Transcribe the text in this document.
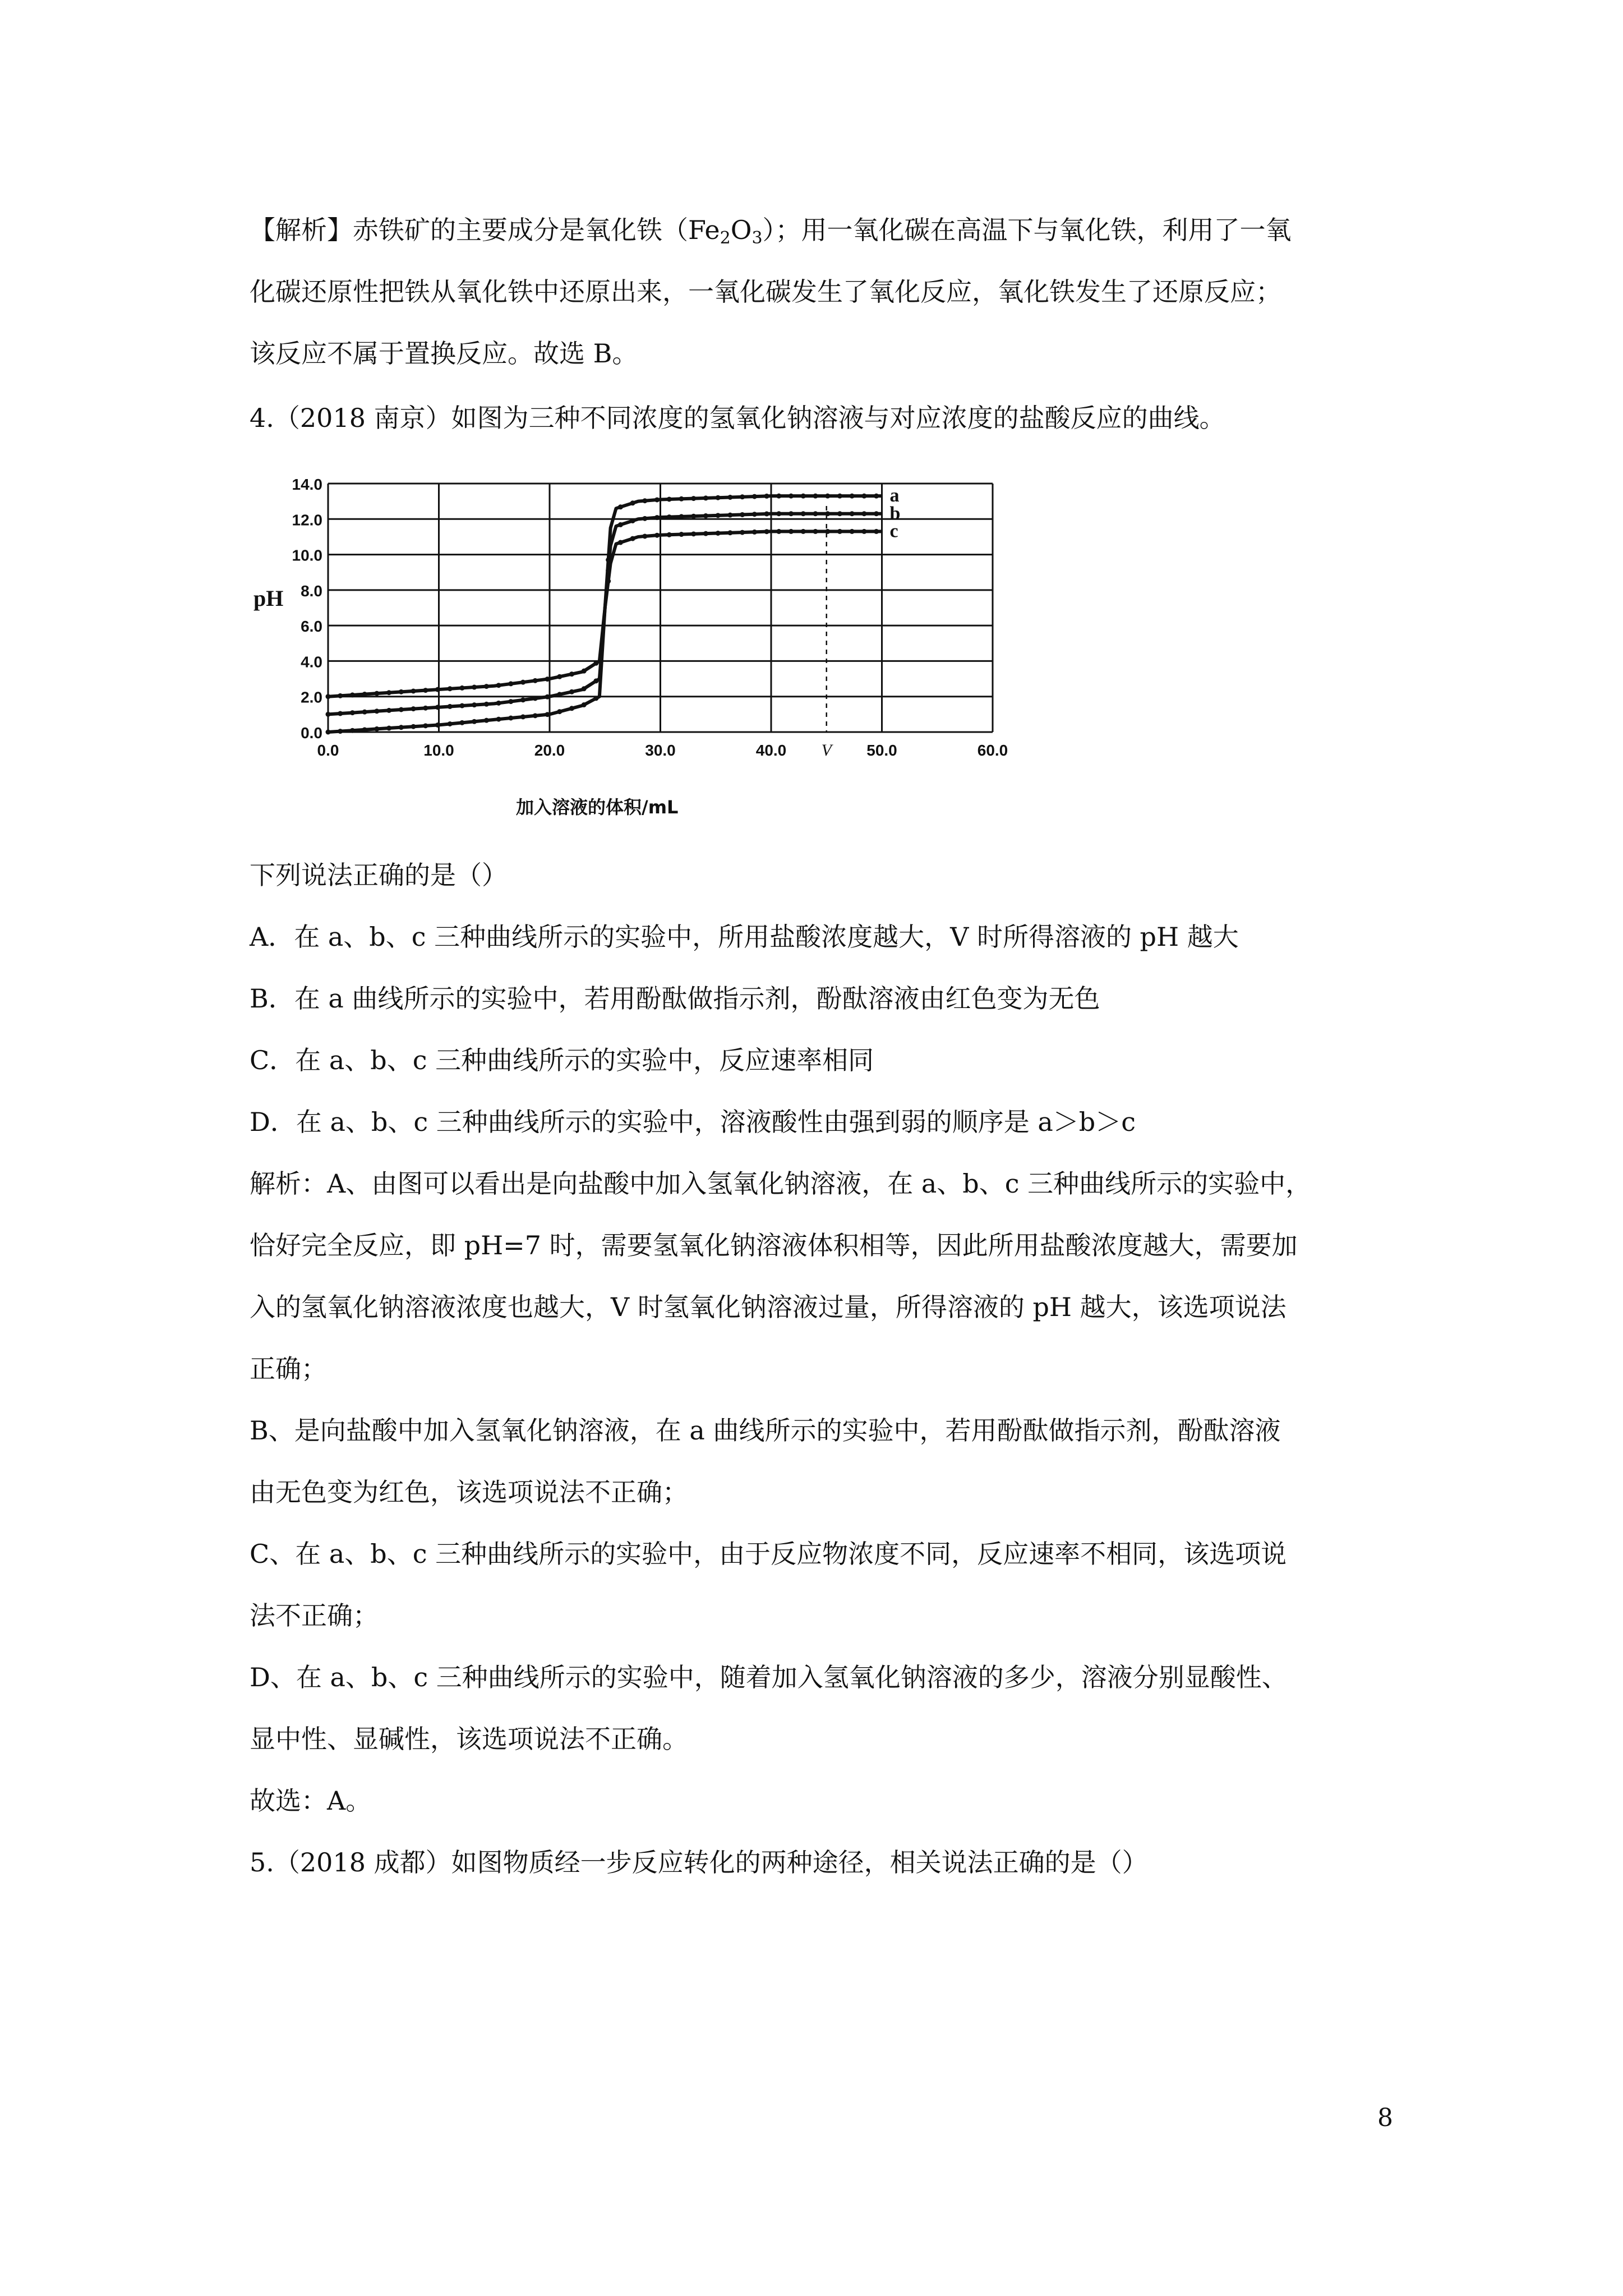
【解析】赤铁矿的主要成分是氧化铁$(Fe_2O_3)$；用一氧化碳在高温下与氧化铁，利用了一氧
化碳还原性把铁从氧化铁中还原出来，一氧化碳发生了氧化反应，氧化铁发生了还原反应；
该反应不属于置换反应。故选 B。
4.（2018 南京）如图为三种不同浓度的氢氧化钠溶液与对应浓度的盐酸反应的曲线。
0.0
2.0
4.0
6.0
8.0
10.0
12.0
14.0
0.0	10.0	20.0	30.0	40.0	50.0	60.0
pH
加入溶液的体积/mL
V
a
b
c
下列说法正确的是（）
A．在 a、b、c 三种曲线所示的实验中，所用盐酸浓度越大，V 时所得溶液的 pH 越大
B．在 a 曲线所示的实验中，若用酚酞做指示剂，酚酞溶液由红色变为无色
C．在 a、b、c 三种曲线所示的实验中，反应速率相同
D．在 a、b、c 三种曲线所示的实验中，溶液酸性由强到弱的顺序是 a＞b＞c
解析：A、由图可以看出是向盐酸中加入氢氧化钠溶液，在 a、b、c 三种曲线所示的实验中，
恰好完全反应，即 pH=7 时，需要氢氧化钠溶液体积相等，因此所用盐酸浓度越大，需要加
入的氢氧化钠溶液浓度也越大，V 时氢氧化钠溶液过量，所得溶液的 pH 越大，该选项说法
正确；
B、是向盐酸中加入氢氧化钠溶液，在 a 曲线所示的实验中，若用酚酞做指示剂，酚酞溶液
由无色变为红色，该选项说法不正确；
C、在 a、b、c 三种曲线所示的实验中，由于反应物浓度不同，反应速率不相同，该选项说
法不正确；
D、在 a、b、c 三种曲线所示的实验中，随着加入氢氧化钠溶液的多少，溶液分别显酸性、
显中性、显碱性，该选项说法不正确。
故选：A。
5.（2018 成都）如图物质经一步反应转化的两种途径，相关说法正确的是（）
8
